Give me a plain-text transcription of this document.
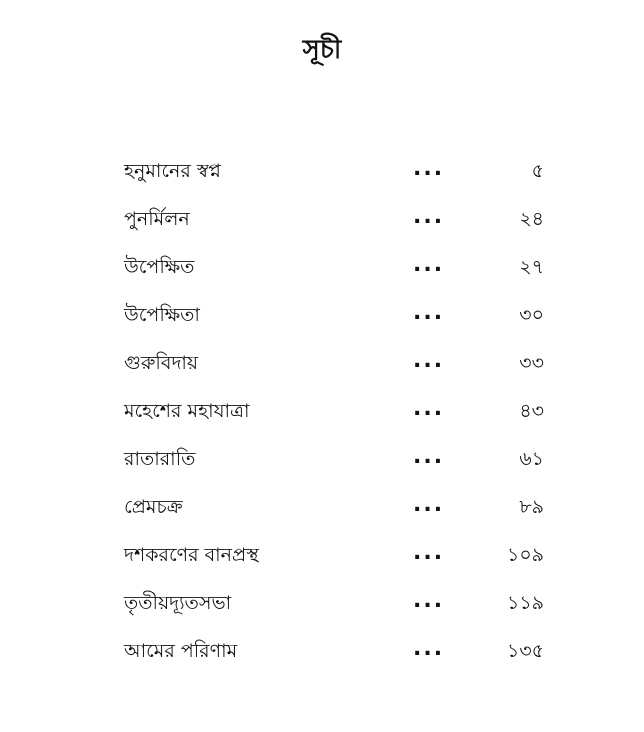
সূচী
হনুমানের স্বপ্ন	...	৫
পুনর্মিলন	...	২৪
উপেক্ষিত	...	২৭
উপেক্ষিতা	...	৩০
গুরুবিদায়	...	৩৩
মহেশের মহাযাত্রা	...	৪৩
রাতারাতি	...	৬১
প্রেমচক্র	...	৮৯
দশকরণের বানপ্রস্থ	...	১০৯
তৃতীয়দ্যূতসভা	...	১১৯
আমের পরিণাম	...	১৩৫
